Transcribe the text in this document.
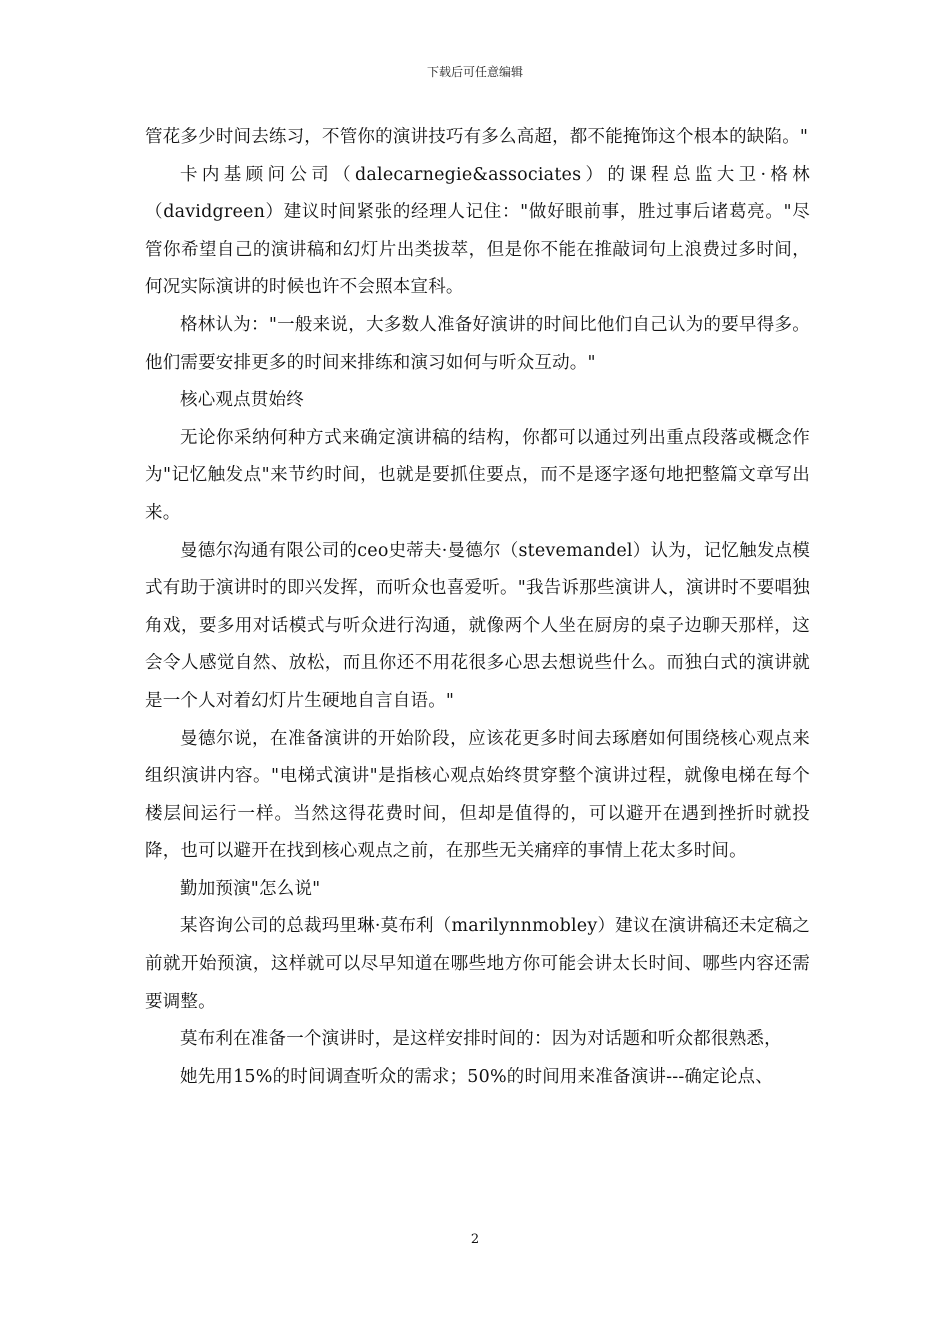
下载后可任意编辑

管花多少时间去练习，不管你的演讲技巧有多么高超，都不能掩饰这个根本的缺陷。"

卡内基顾问公司（dalecarnegie&associates）的课程总监大卫·格林（davidgreen）建议时间紧张的经理人记住："做好眼前事，胜过事后诸葛亮。"尽管你希望自己的演讲稿和幻灯片出类拔萃，但是你不能在推敲词句上浪费过多时间，何况实际演讲的时候也许不会照本宣科。

格林认为："一般来说，大多数人准备好演讲的时间比他们自己认为的要早得多。他们需要安排更多的时间来排练和演习如何与听众互动。"

核心观点贯始终

无论你采纳何种方式来确定演讲稿的结构，你都可以通过列出重点段落或概念作为"记忆触发点"来节约时间，也就是要抓住要点，而不是逐字逐句地把整篇文章写出来。

曼德尔沟通有限公司的ceo史蒂夫·曼德尔（stevemandel）认为，记忆触发点模式有助于演讲时的即兴发挥，而听众也喜爱听。"我告诉那些演讲人，演讲时不要唱独角戏，要多用对话模式与听众进行沟通，就像两个人坐在厨房的桌子边聊天那样，这会令人感觉自然、放松，而且你还不用花很多心思去想说些什么。而独白式的演讲就是一个人对着幻灯片生硬地自言自语。"

曼德尔说，在准备演讲的开始阶段，应该花更多时间去琢磨如何围绕核心观点来组织演讲内容。"电梯式演讲"是指核心观点始终贯穿整个演讲过程，就像电梯在每个楼层间运行一样。当然这得花费时间，但却是值得的，可以避开在遇到挫折时就投降，也可以避开在找到核心观点之前，在那些无关痛痒的事情上花太多时间。

勤加预演"怎么说"

某咨询公司的总裁玛里琳·莫布利（marilynnmobley）建议在演讲稿还未定稿之前就开始预演，这样就可以尽早知道在哪些地方你可能会讲太长时间、哪些内容还需要调整。

莫布利在准备一个演讲时，是这样安排时间的：因为对话题和听众都很熟悉，

她先用15%的时间调查听众的需求；50%的时间用来准备演讲---确定论点、

2
